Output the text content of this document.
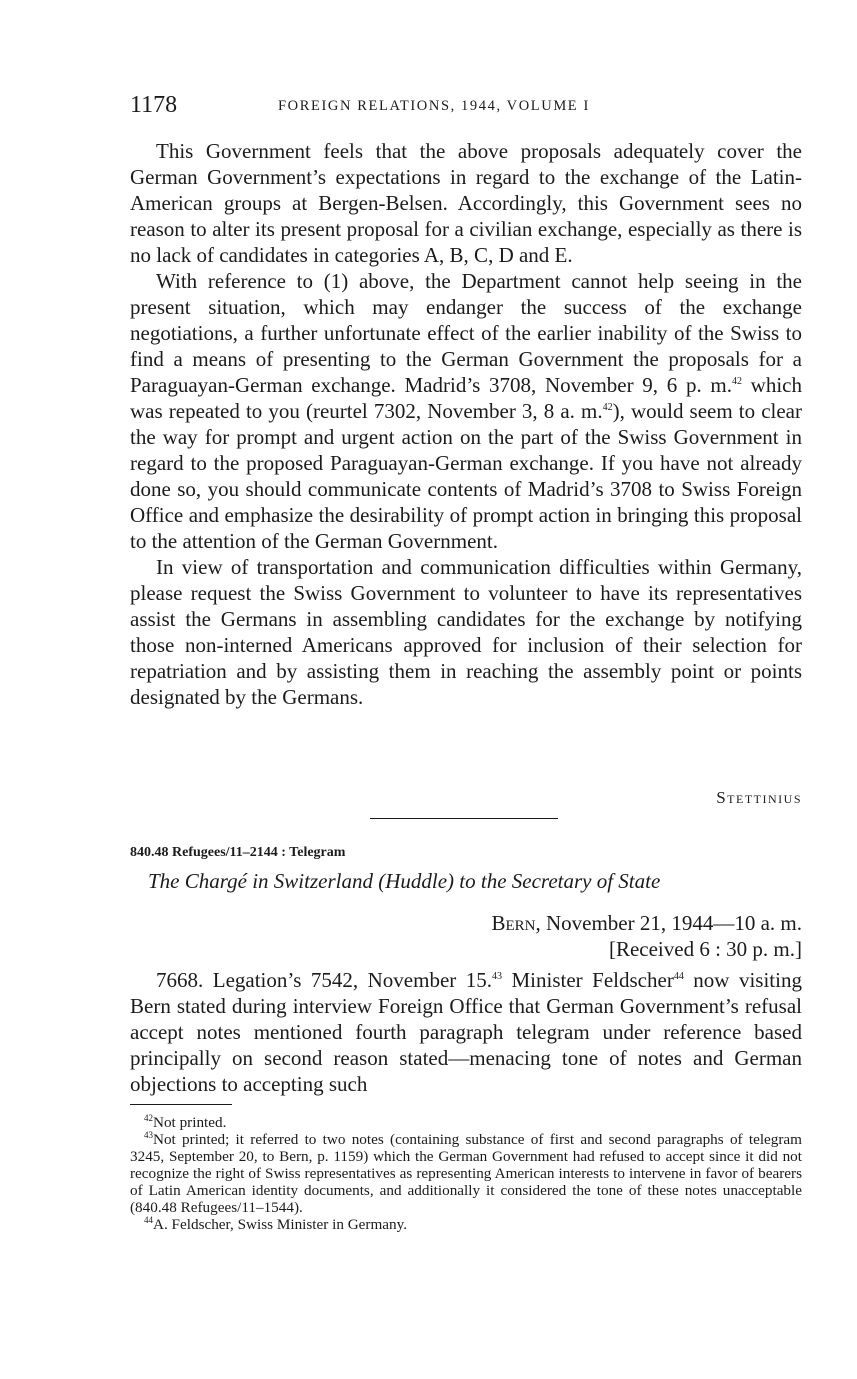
1178	FOREIGN RELATIONS, 1944, VOLUME I

This Government feels that the above proposals adequately cover the German Government’s expectations in regard to the exchange of the Latin-American groups at Bergen-Belsen. Accordingly, this Government sees no reason to alter its present proposal for a civilian exchange, especially as there is no lack of candidates in categories A, B, C, D and E.

With reference to (1) above, the Department cannot help seeing in the present situation, which may endanger the success of the exchange negotiations, a further unfortunate effect of the earlier inability of the Swiss to find a means of presenting to the German Government the proposals for a Paraguayan-German exchange. Madrid’s 3708, November 9, 6 p. m.$^{42}$ which was repeated to you (reurtel 7302, November 3, 8 a. m.$^{42}$), would seem to clear the way for prompt and urgent action on the part of the Swiss Government in regard to the proposed Paraguayan-German exchange. If you have not already done so, you should communicate contents of Madrid’s 3708 to Swiss Foreign Office and emphasize the desirability of prompt action in bringing this proposal to the attention of the German Government.

In view of transportation and communication difficulties within Germany, please request the Swiss Government to volunteer to have its representatives assist the Germans in assembling candidates for the exchange by notifying those non-interned Americans approved for inclusion of their selection for repatriation and by assisting them in reaching the assembly point or points designated by the Germans.

Stettinius
840.48 Refugees/11–2144 : Telegram
The Chargé in Switzerland (Huddle) to the Secretary of State
Bern, November 21, 1944—10 a. m.
[Received 6 : 30 p. m.]

7668. Legation’s 7542, November 15.43 Minister Feldscher$^{44}$ now visiting Bern stated during interview Foreign Office that German Government’s refusal accept notes mentioned fourth paragraph telegram under reference based principally on second reason stated—menacing tone of notes and German objections to accepting such

$^{42}$Not printed.

$^{43}$Not printed; it referred to two notes (containing substance of first and second paragraphs of telegram 3245, September 20, to Bern, p. 1159) which the German Government had refused to accept since it did not recognize the right of Swiss representatives as representing American interests to intervene in favor of bearers of Latin American identity documents, and additionally it considered the tone of these notes unacceptable (840.48 Refugees/11–1544).

$^{44}$A. Feldscher, Swiss Minister in Germany.
